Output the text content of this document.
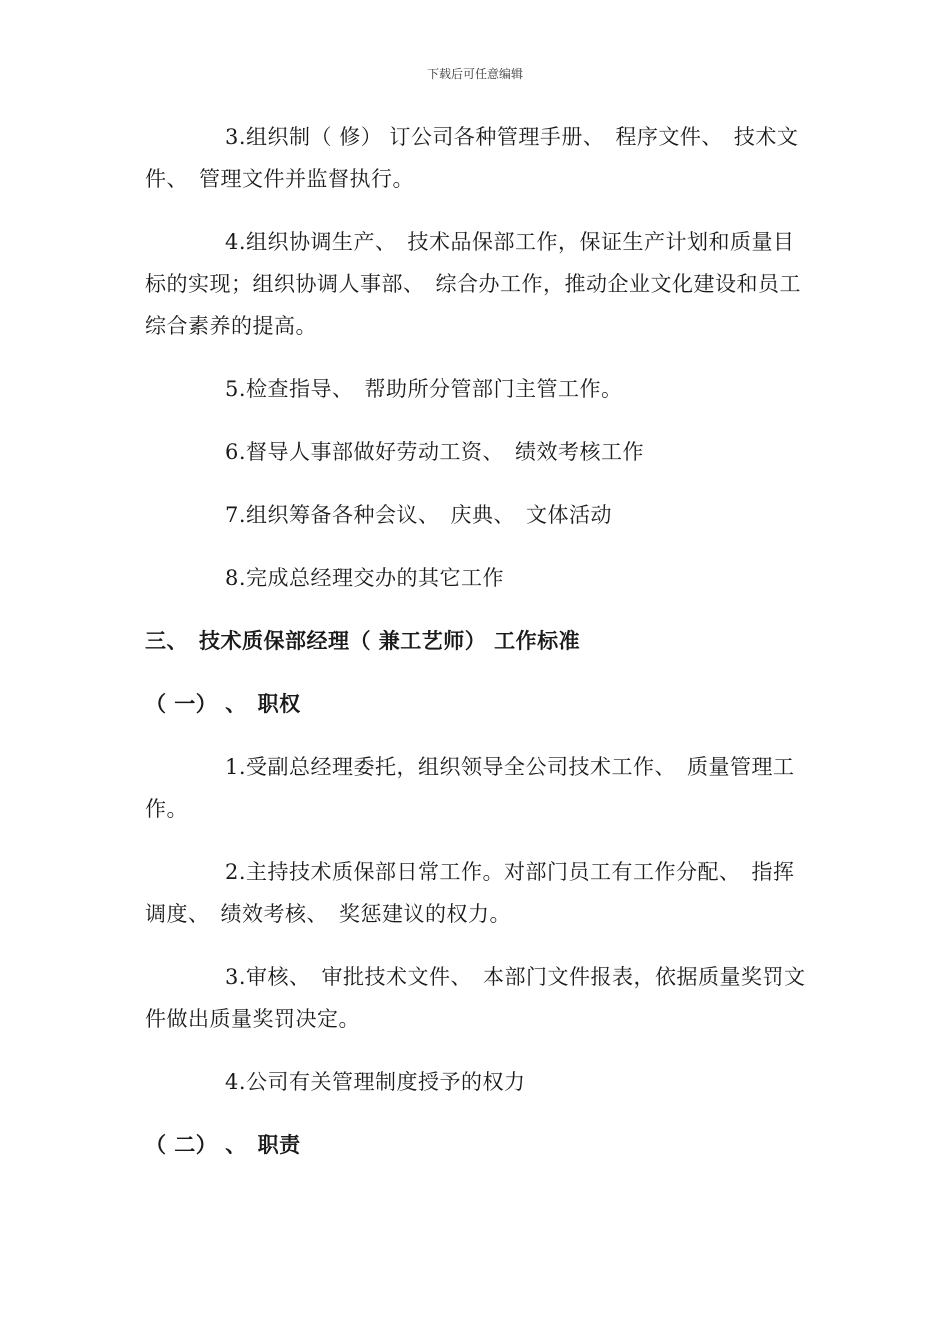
下载后可任意编辑

3.组织制（ 修） 订公司各种管理手册、　程序文件、　技术文件、　管理文件并监督执行。

4.组织协调生产、　技术品保部工作，保证生产计划和质量目标的实现；组织协调人事部、　综合办工作，推动企业文化建设和员工综合素养的提高。

5.检查指导、　帮助所分管部门主管工作。

6.督导人事部做好劳动工资、　绩效考核工作

7.组织筹备各种会议、　庆典、　文体活动

8.完成总经理交办的其它工作

三、　技术质保部经理（ 兼工艺师） 工作标准

（ 一） 、　职权

1.受副总经理委托，组织领导全公司技术工作、　质量管理工作。

2.主持技术质保部日常工作。对部门员工有工作分配、　指挥调度、　绩效考核、　奖惩建议的权力。

3.审核、　审批技术文件、　本部门文件报表，依据质量奖罚文件做出质量奖罚决定。

4.公司有关管理制度授予的权力

（ 二） 、　职责
